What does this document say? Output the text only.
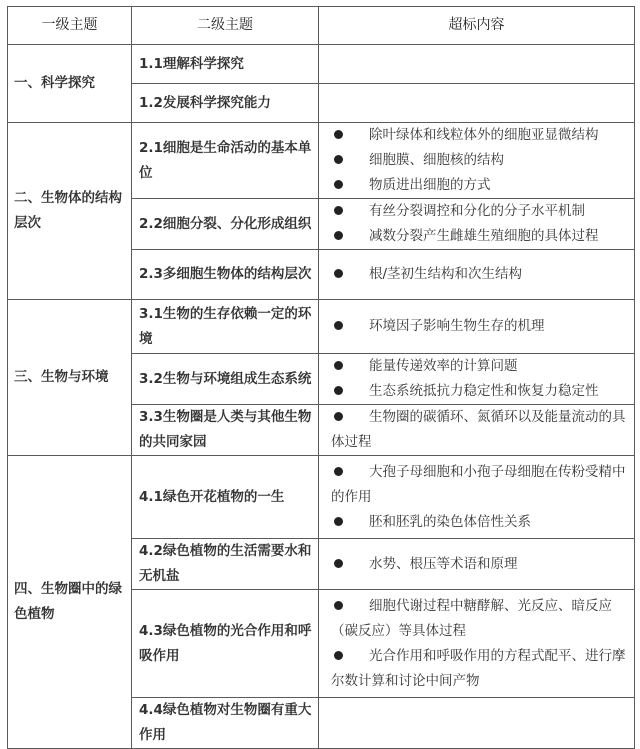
一级主题	二级主题	超标内容
一、科学探究	1.1理解科学探究	
	1.2发展科学探究能力	
二、生物体的结构层次	2.1细胞是生命活动的基本单位	除叶绿体和线粒体外的细胞亚显微结构
细胞膜、细胞核的结构
物质进出细胞的方式

	2.2细胞分裂、分化形成组织	有丝分裂调控和分化的分子水平机制
减数分裂产生雌雄生殖细胞的具体过程

	2.3多细胞生物体的结构层次	根/茎初生结构和次生结构

三、生物与环境	3.1生物的生存依赖一定的环境	环境因子影响生物生存的机理

	3.2生物与环境组成生态系统	能量传递效率的计算问题
生态系统抵抗力稳定性和恢复力稳定性

	3.3生物圈是人类与其他生物的共同家园	生物圈的碳循环、氮循环以及能量流动的具体过程

四、生物圈中的绿色植物	4.1绿色开花植物的一生	大孢子母细胞和小孢子母细胞在传粉受精中的作用
胚和胚乳的染色体倍性关系

	4.2绿色植物的生活需要水和无机盐	水势、根压等术语和原理

	4.3绿色植物的光合作用和呼吸作用	细胞代谢过程中糖酵解、光反应、暗反应（碳反应）等具体过程
光合作用和呼吸作用的方程式配平、进行摩尔数计算和讨论中间产物

	4.4绿色植物对生物圈有重大作用	
